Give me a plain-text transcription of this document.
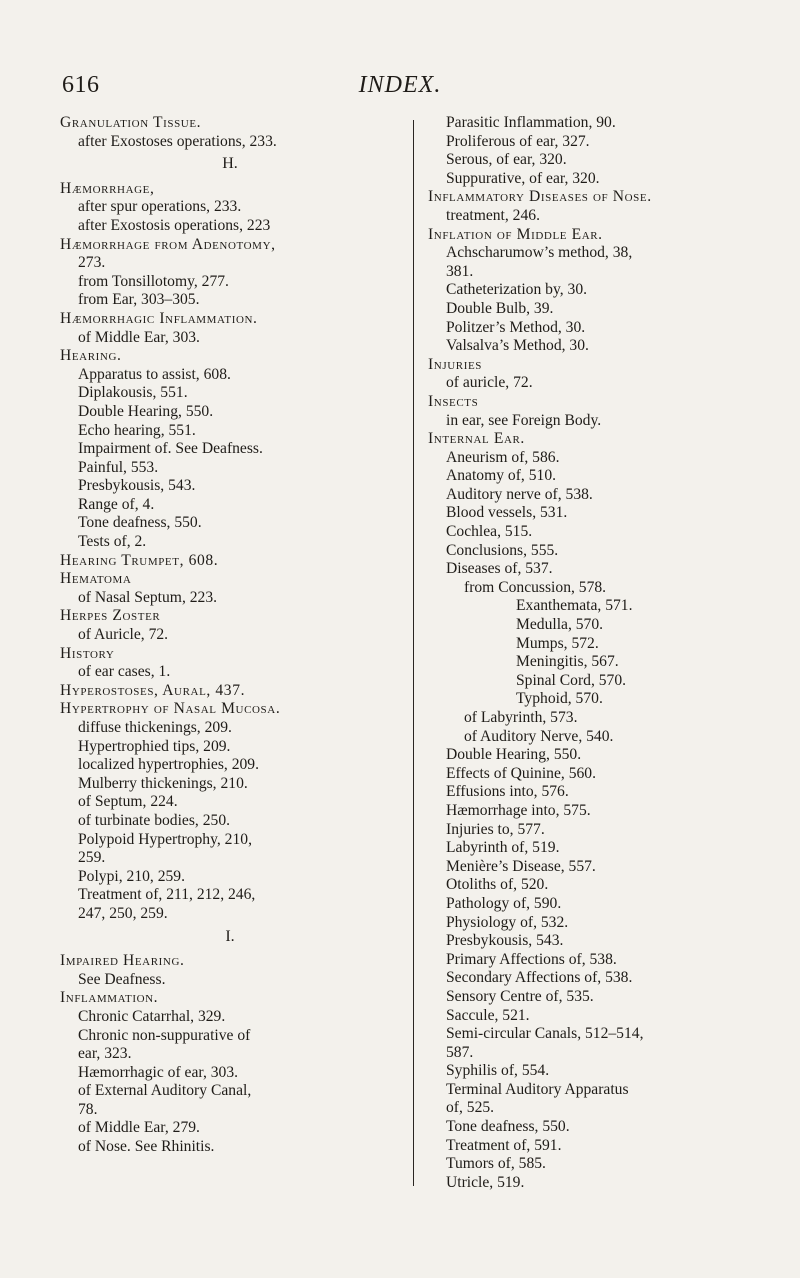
616	INDEX.
Granulation Tissue.
after Exostoses operations, 233.
H.
Hæmorrhage,
after spur operations, 233.
after Exostosis operations, 223
Hæmorrhage from Adenotomy,
273.
from Tonsillotomy, 277.
from Ear, 303–305.
Hæmorrhagic Inflammation.
of Middle Ear, 303.
Hearing.
Apparatus to assist, 608.
Diplakousis, 551.
Double Hearing, 550.
Echo hearing, 551.
Impairment of. See Deafness.
Painful, 553.
Presbykousis, 543.
Range of, 4.
Tone deafness, 550.
Tests of, 2.
Hearing Trumpet, 608.
Hematoma
of Nasal Septum, 223.
Herpes Zoster
of Auricle, 72.
History
of ear cases, 1.
Hyperostoses, Aural, 437.
Hypertrophy of Nasal Mucosa.
diffuse thickenings, 209.
Hypertrophied tips, 209.
localized hypertrophies, 209.
Mulberry thickenings, 210.
of Septum, 224.
of turbinate bodies, 250.
Polypoid Hypertrophy, 210,
259.
Polypi, 210, 259.
Treatment of, 211, 212, 246,
247, 250, 259.
I.
Impaired Hearing.
See Deafness.
Inflammation.
Chronic Catarrhal, 329.
Chronic non-suppurative of
ear, 323.
Hæmorrhagic of ear, 303.
of External Auditory Canal,
78.
of Middle Ear, 279.
of Nose. See Rhinitis.
Parasitic Inflammation, 90.
Proliferous of ear, 327.
Serous, of ear, 320.
Suppurative, of ear, 320.
Inflammatory Diseases of Nose.
treatment, 246.
Inflation of Middle Ear.
Achscharumow’s method, 38,
381.
Catheterization by, 30.
Double Bulb, 39.
Politzer’s Method, 30.
Valsalva’s Method, 30.
Injuries
of auricle, 72.
Insects
in ear, see Foreign Body.
Internal Ear.
Aneurism of, 586.
Anatomy of, 510.
Auditory nerve of, 538.
Blood vessels, 531.
Cochlea, 515.
Conclusions, 555.
Diseases of, 537.
from Concussion, 578.
Exanthemata, 571.
Medulla, 570.
Mumps, 572.
Meningitis, 567.
Spinal Cord, 570.
Typhoid, 570.
of Labyrinth, 573.
of Auditory Nerve, 540.
Double Hearing, 550.
Effects of Quinine, 560.
Effusions into, 576.
Hæmorrhage into, 575.
Injuries to, 577.
Labyrinth of, 519.
Menière’s Disease, 557.
Otoliths of, 520.
Pathology of, 590.
Physiology of, 532.
Presbykousis, 543.
Primary Affections of, 538.
Secondary Affections of, 538.
Sensory Centre of, 535.
Saccule, 521.
Semi-circular Canals, 512–514,
587.
Syphilis of, 554.
Terminal Auditory Apparatus
of, 525.
Tone deafness, 550.
Treatment of, 591.
Tumors of, 585.
Utricle, 519.
